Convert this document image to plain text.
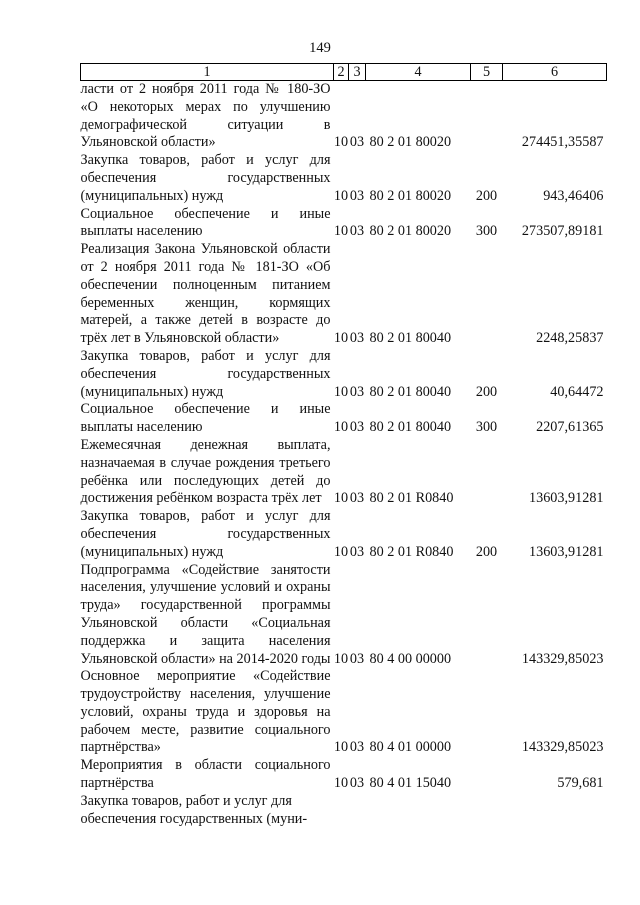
149
1	2	3	4	5	6
ласти от 2 ноября 2011 года № 180-ЗО «О некоторых мерах по улучшению демографической ситуации в Ульяновской области»	10	03	80 2 01 80020		274451,35587
Закупка товаров, работ и услуг для обеспечения государственных (муниципальных) нужд	10	03	80 2 01 80020	200	943,46406
Социальное обеспечение и иные выплаты населению	10	03	80 2 01 80020	300	273507,89181
Реализация Закона Ульяновской области от 2 ноября 2011 года № 181-ЗО «Об обеспечении полноценным питанием беременных женщин, кормящих матерей, а также детей в возрасте до трёх лет в Ульяновской области»	10	03	80 2 01 80040		2248,25837
Закупка товаров, работ и услуг для обеспечения государственных (муниципальных) нужд	10	03	80 2 01 80040	200	40,64472
Социальное обеспечение и иные выплаты населению	10	03	80 2 01 80040	300	2207,61365
Ежемесячная денежная выплата, назначаемая в случае рождения третьего ребёнка или последующих детей до достижения ребёнком возраста трёх лет	10	03	80 2 01 R0840		13603,91281
Закупка товаров, работ и услуг для обеспечения государственных (муниципальных) нужд	10	03	80 2 01 R0840	200	13603,91281
Подпрограмма «Содействие занятости населения, улучшение условий и охраны труда» государственной программы Ульяновской области «Социальная поддержка и защита населения Ульяновской области» на 2014-2020 годы	10	03	80 4 00 00000		143329,85023
Основное мероприятие «Содействие трудоустройству населения, улучшение условий, охраны труда и здоровья на рабочем месте, развитие социального партнёрства»	10	03	80 4 01 00000		143329,85023
Мероприятия в области социального партнёрства	10	03	80 4 01 15040		579,681
Закупка товаров, работ и услуг для обеспечения государственных (муни-					
